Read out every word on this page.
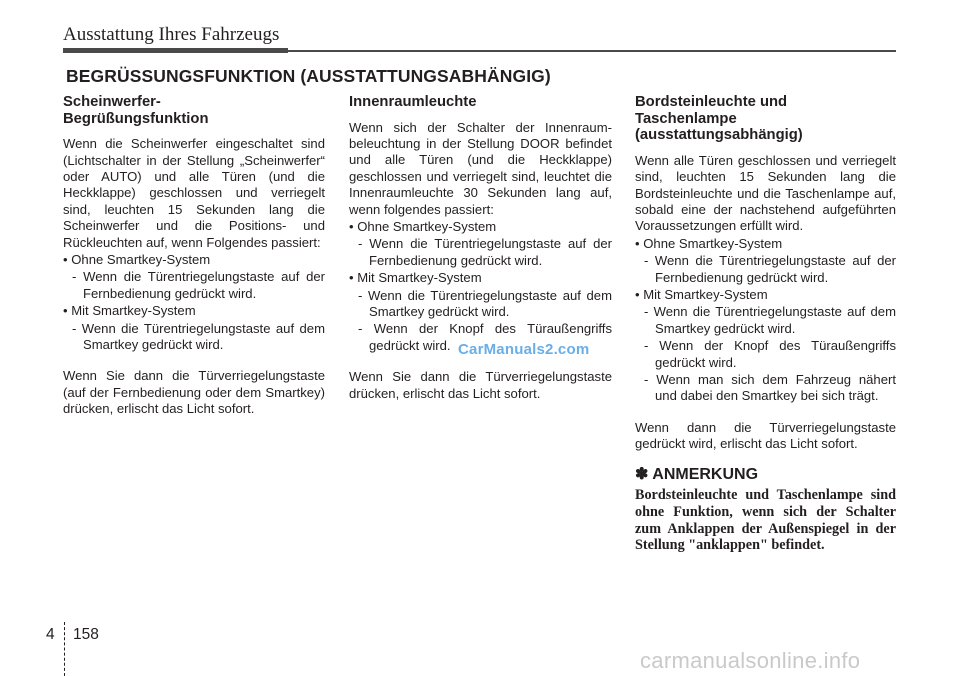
Ausstattung Ihres Fahrzeugs
BEGRÜSSUNGSFUNKTION (AUSSTATTUNGSABHÄNGIG)
Scheinwerfer-
Begrüßungsfunktion

Wenn die Scheinwerfer eingeschaltet sind (Lichtschalter in der Stellung „Scheinwerfer“ oder AUTO) und alle Türen (und die Heckklappe) geschlossen und verriegelt sind, leuchten 15 Sekunden lang die Scheinwerfer und die Positions- und Rückleuchten auf, wenn Folgendes passiert:

• Ohne Smartkey-System

- Wenn die Türentriegelungstaste auf der Fernbedienung gedrückt wird.

• Mit Smartkey-System

- Wenn die Türentriegelungstaste auf dem Smartkey gedrückt wird.

Wenn Sie dann die Türverriegelungstaste (auf der Fernbedienung oder dem Smartkey) drücken, erlischt das Licht sofort.

Innenraumleuchte

Wenn sich der Schalter der Innenraum-beleuchtung in der Stellung DOOR befindet und alle Türen (und die Heckklappe) geschlossen und verriegelt sind, leuchtet die Innenraumleuchte 30 Sekunden lang auf, wenn folgendes passiert:

• Ohne Smartkey-System

- Wenn die Türentriegelungstaste auf der Fernbedienung gedrückt wird.

• Mit Smartkey-System

- Wenn die Türentriegelungstaste auf dem Smartkey gedrückt wird.

- Wenn der Knopf des Türaußengriffs gedrückt wird.

Wenn Sie dann die Türverriegelungstaste drücken, erlischt das Licht sofort.

Bordsteinleuchte und
Taschenlampe
(ausstattungsabhängig)

Wenn alle Türen geschlossen und verriegelt sind, leuchten 15 Sekunden lang die Bordsteinleuchte und die Taschenlampe auf, sobald eine der nachstehend aufgeführten Voraussetzungen erfüllt wird.

• Ohne Smartkey-System

- Wenn die Türentriegelungstaste auf der Fernbedienung gedrückt wird.

• Mit Smartkey-System

- Wenn die Türentriegelungstaste auf dem Smartkey gedrückt wird.

- Wenn der Knopf des Türaußengriffs gedrückt wird.

- Wenn man sich dem Fahrzeug nähert und dabei den Smartkey bei sich trägt.

Wenn dann die Türverriegelungstaste gedrückt wird, erlischt das Licht sofort.

✽ ANMERKUNG

Bordsteinleuchte und Taschenlampe sind ohne Funktion, wenn sich der Schalter zum Anklappen der Außenspiegel in der Stellung "anklappen" befindet.

CarManuals2.com
4 158
carmanualsonline.info
